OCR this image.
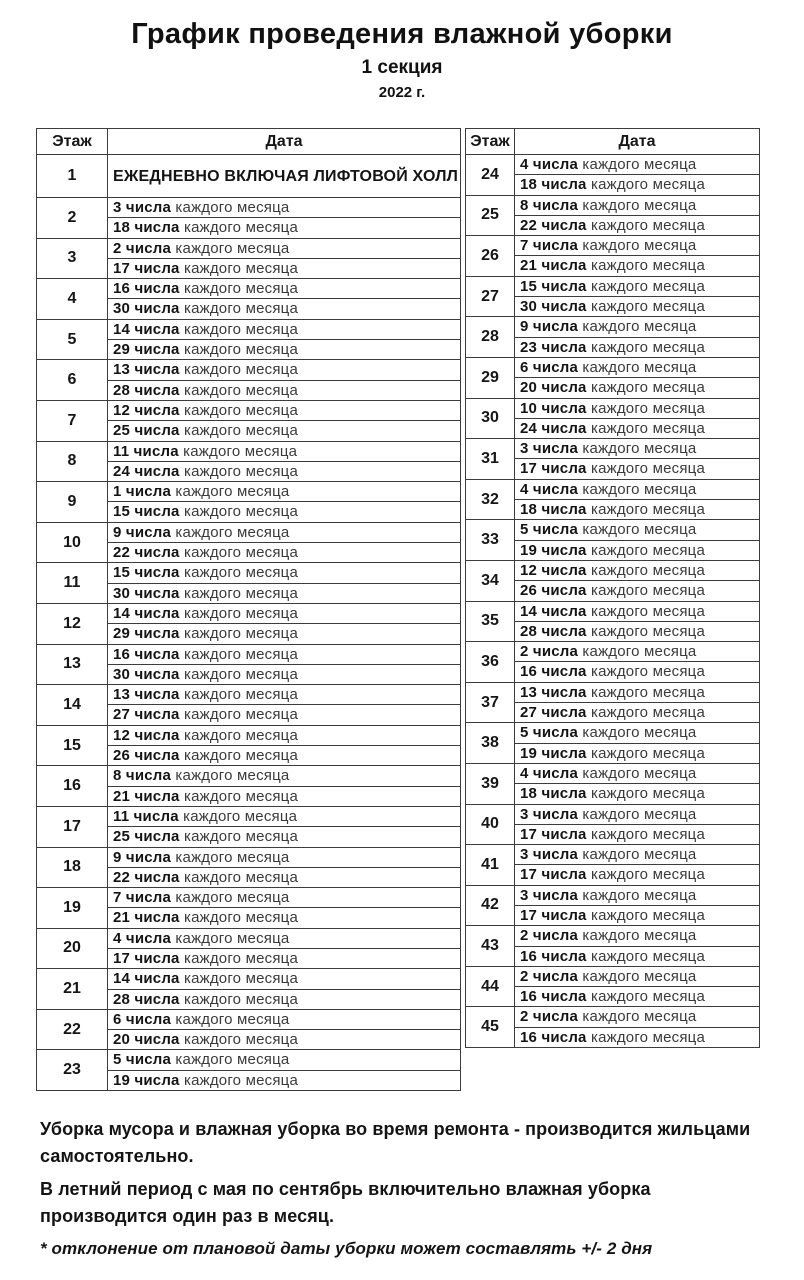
График проведения влажной уборки
1 секция
2022 г.
Этаж	Дата
1	ЕЖЕДНЕВНО ВКЛЮЧАЯ ЛИФТОВОЙ ХОЛЛ
2	3 числа каждого месяца
	18 числа каждого месяца
3	2 числа каждого месяца
	17 числа каждого месяца
4	16 числа каждого месяца
	30 числа каждого месяца
5	14 числа каждого месяца
	29 числа каждого месяца
6	13 числа каждого месяца
	28 числа каждого месяца
7	12 числа каждого месяца
	25 числа каждого месяца
8	11 числа каждого месяца
	24 числа каждого месяца
9	1 числа каждого месяца
	15 числа каждого месяца
10	9 числа каждого месяца
	22 числа каждого месяца
11	15 числа каждого месяца
	30 числа каждого месяца
12	14 числа каждого месяца
	29 числа каждого месяца
13	16 числа каждого месяца
	30 числа каждого месяца
14	13 числа каждого месяца
	27 числа каждого месяца
15	12 числа каждого месяца
	26 числа каждого месяца
16	8 числа каждого месяца
	21 числа каждого месяца
17	11 числа каждого месяца
	25 числа каждого месяца
18	9 числа каждого месяца
	22 числа каждого месяца
19	7 числа каждого месяца
	21 числа каждого месяца
20	4 числа каждого месяца
	17 числа каждого месяца
21	14 числа каждого месяца
	28 числа каждого месяца
22	6 числа каждого месяца
	20 числа каждого месяца
23	5 числа каждого месяца
	19 числа каждого месяца
Этаж	Дата
24	4 числа каждого месяца
	18 числа каждого месяца
25	8 числа каждого месяца
	22 числа каждого месяца
26	7 числа каждого месяца
	21 числа каждого месяца
27	15 числа каждого месяца
	30 числа каждого месяца
28	9 числа каждого месяца
	23 числа каждого месяца
29	6 числа каждого месяца
	20 числа каждого месяца
30	10 числа каждого месяца
	24 числа каждого месяца
31	3 числа каждого месяца
	17 числа каждого месяца
32	4 числа каждого месяца
	18 числа каждого месяца
33	5 числа каждого месяца
	19 числа каждого месяца
34	12 числа каждого месяца
	26 числа каждого месяца
35	14 числа каждого месяца
	28 числа каждого месяца
36	2 числа каждого месяца
	16 числа каждого месяца
37	13 числа каждого месяца
	27 числа каждого месяца
38	5 числа каждого месяца
	19 числа каждого месяца
39	4 числа каждого месяца
	18 числа каждого месяца
40	3 числа каждого месяца
	17 числа каждого месяца
41	3 числа каждого месяца
	17 числа каждого месяца
42	3 числа каждого месяца
	17 числа каждого месяца
43	2 числа каждого месяца
	16 числа каждого месяца
44	2 числа каждого месяца
	16 числа каждого месяца
45	2 числа каждого месяца
	16 числа каждого месяца

Уборка мусора и влажная уборка во время ремонта - производится жильцами самостоятельно.

В летний период с мая по сентябрь включительно влажная уборка производится один раз в месяц.

* отклонение от плановой даты уборки может составлять +/- 2 дня
